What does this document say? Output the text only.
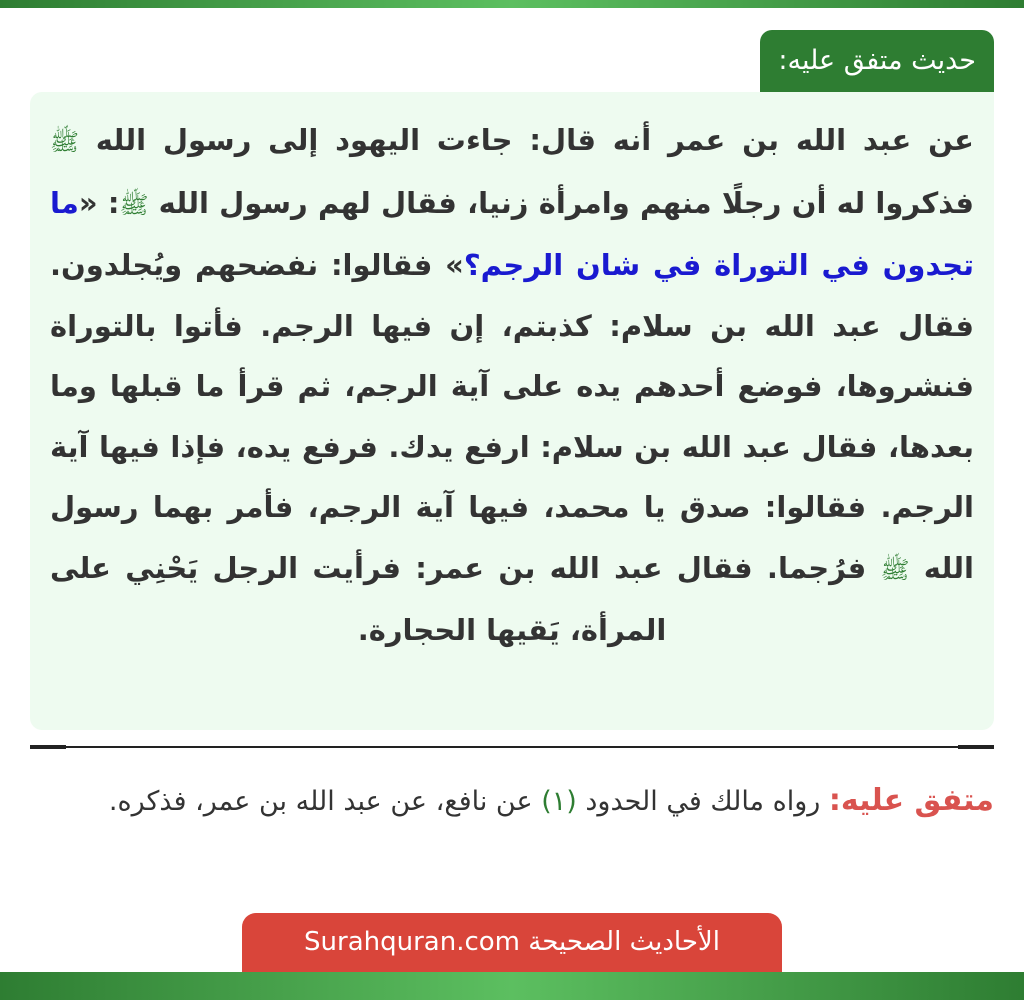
حديث متفق عليه:

عن عبد الله بن عمر أنه قال: جاءت اليهود إلى رسول الله ﷺ فذكروا له أن رجلًا منهم وامرأة زنيا، فقال لهم رسول الله ﷺ: «ما تجدون في التوراة في شان الرجم؟» فقالوا: نفضحهم ويُجلدون. فقال عبد الله بن سلام: كذبتم، إن فيها الرجم. فأتوا بالتوراة فنشروها، فوضع أحدهم يده على آية الرجم، ثم قرأ ما قبلها وما بعدها، فقال عبد الله بن سلام: ارفع يدك. فرفع يده، فإذا فيها آية الرجم. فقالوا: صدق يا محمد، فيها آية الرجم، فأمر بهما رسول الله ﷺ فرُجما. فقال عبد الله بن عمر: فرأيت الرجل يَحْنِي على المرأة، يَقيها الحجارة.

متفق عليه: رواه مالك في الحدود (١) عن نافع، عن عبد الله بن عمر، فذكره.

الأحاديث الصحيحة Surahquran.com
